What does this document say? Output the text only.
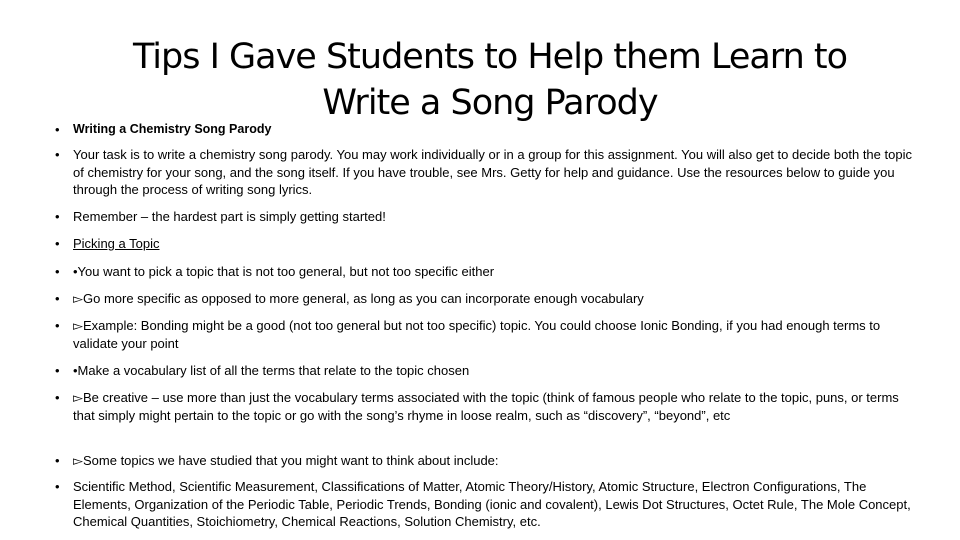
Tips I Gave Students to Help them Learn to Write a Song Parody
• Writing a Chemistry Song Parody
• Your task is to write a chemistry song parody. You may work individually or in a group for this assignment. You will also get to decide both the topic of chemistry for your song, and the song itself. If you have trouble, see Mrs. Getty for help and guidance. Use the resources below to guide you through the process of writing song lyrics.
• Remember – the hardest part is simply getting started!
• Picking a Topic
• •You want to pick a topic that is not too general, but not too specific either
• ▻Go more specific as opposed to more general, as long as you can incorporate enough vocabulary
• ▻Example: Bonding might be a good (not too general but not too specific) topic. You could choose Ionic Bonding, if you had enough terms to validate your point
• •Make a vocabulary list of all the terms that relate to the topic chosen
• ▻Be creative – use more than just the vocabulary terms associated with the topic (think of famous people who relate to the topic, puns, or terms that simply might pertain to the topic or go with the song’s rhyme in loose realm, such as “discovery”, “beyond”, etc
• ▻Some topics we have studied that you might want to think about include:
• Scientific Method, Scientific Measurement, Classifications of Matter, Atomic Theory/History, Atomic Structure, Electron Configurations, The Elements, Organization of the Periodic Table, Periodic Trends, Bonding (ionic and covalent), Lewis Dot Structures, Octet Rule, The Mole Concept, Chemical Quantities, Stoichiometry, Chemical Reactions, Solution Chemistry, etc.
